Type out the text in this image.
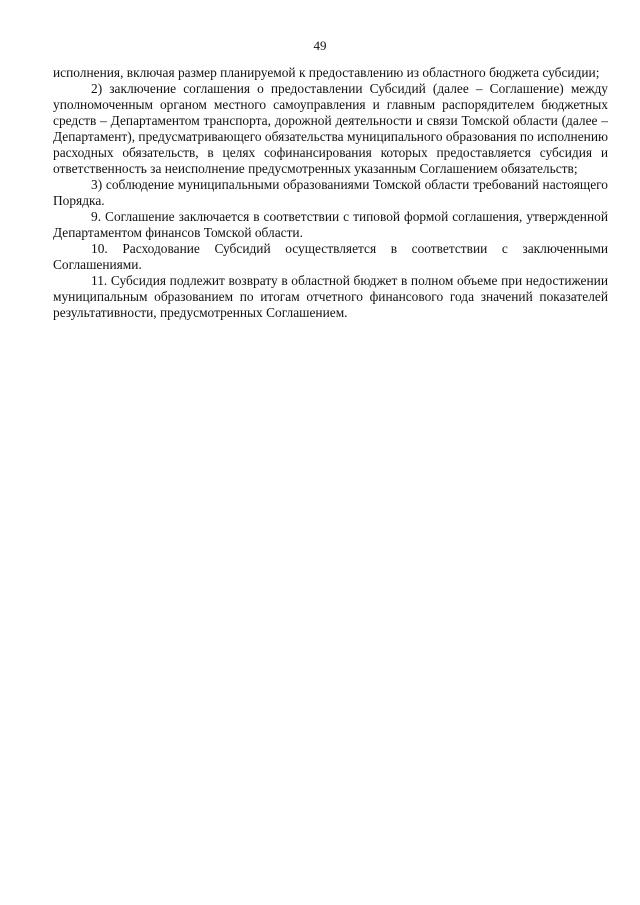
49

исполнения, включая размер планируемой к предоставлению из областного бюджета субсидии;

2) заключение соглашения о предоставлении Субсидий (далее – Соглашение) между уполномоченным органом местного самоуправления и главным распорядителем бюджетных средств – Департаментом транспорта, дорожной деятельности и связи Томской области (далее – Департамент), предусматривающего обязательства муниципального образования по исполнению расходных обязательств, в целях софинансирования которых предоставляется субсидия и ответственность за неисполнение предусмотренных указанным Соглашением обязательств;

3) соблюдение муниципальными образованиями Томской области требований настоящего Порядка.

9. Соглашение заключается в соответствии с типовой формой соглашения, утвержденной Департаментом финансов Томской области.

10. Расходование Субсидий осуществляется в соответствии с заключенными Соглашениями.

11. Субсидия подлежит возврату в областной бюджет в полном объеме при недостижении муниципальным образованием по итогам отчетного финансового года значений показателей результативности, предусмотренных Соглашением.
